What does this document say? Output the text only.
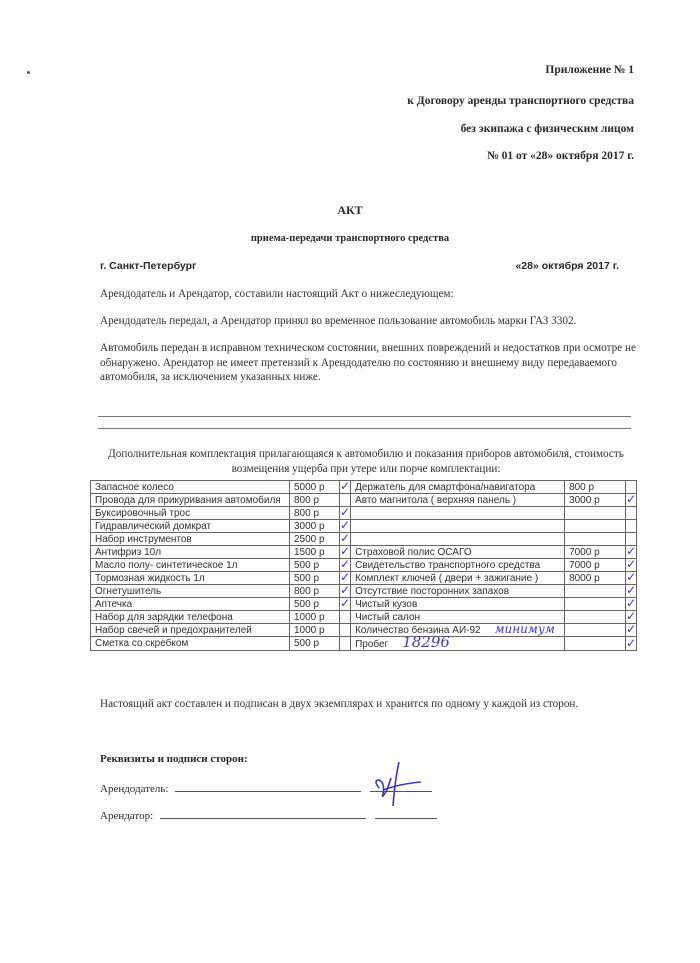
Приложение № 1
к Договору аренды транспортного средства
без экипажа с физическим лицом
№ 01 от «28» октября 2017 г.
АКТ
приема-передачи транспортного средства
г. Санкт-Петербург	«28» октября 2017 г.
Арендодатель и Арендатор, составили настоящий Акт о нижеследующем:
Арендодатель передал, а Арендатор принял во временное пользование автомобиль марки ГАЗ 3302.
Автомобиль передан в исправном техническом состоянии, внешних повреждений и недостатков при осмотре не обнаружено. Арендатор не имеет претензий к Арендодателю по состоянию и внешнему виду передаваемого автомобиля, за исключением указанных ниже.
Дополнительная комплектация прилагающаяся к автомобилю и показания приборов автомобиля, стоимость возмещения ущерба при утере или порче комплектации:
Запасное колесо	5000 р	✓	Держатель для смартфона/навигатора	800 р	
Провода для прикуривания автомобиля	800 р		Авто магнитола ( верхняя панель )	3000 р	✓
Буксировочный трос	800 р	✓			
Гидравлический домкрат	3000 р	✓			
Набор инструментов	2500 р	✓			
Антифриз 10л	1500 р	✓	Страховой полис ОСАГО	7000 р	✓
Масло полу- синтетическое 1л	500 р	✓	Свидетельство транспортного средства	7000 р	✓
Тормозная жидкость 1л	500 р	✓	Комплект ключей ( двери + зажигание )	8000 р	✓
Огнетушитель	800 р	✓	Отсутствие посторонних запахов		✓
Аптечка	500 р	✓	Чистый кузов		✓
Набор для зарядки телефона	1000 р		Чистый салон		✓
Набор свечей и предохранителей	1000 р		Количество бензина АИ-92 минимум		✓
Сметка со скребком	500 р		Пробег 18296		✓
Настоящий акт составлен и подписан в двух экземплярах и хранится по одному у каждой из сторон.
Реквизиты и подписи сторон:
Арендодатель:
Арендатор:
